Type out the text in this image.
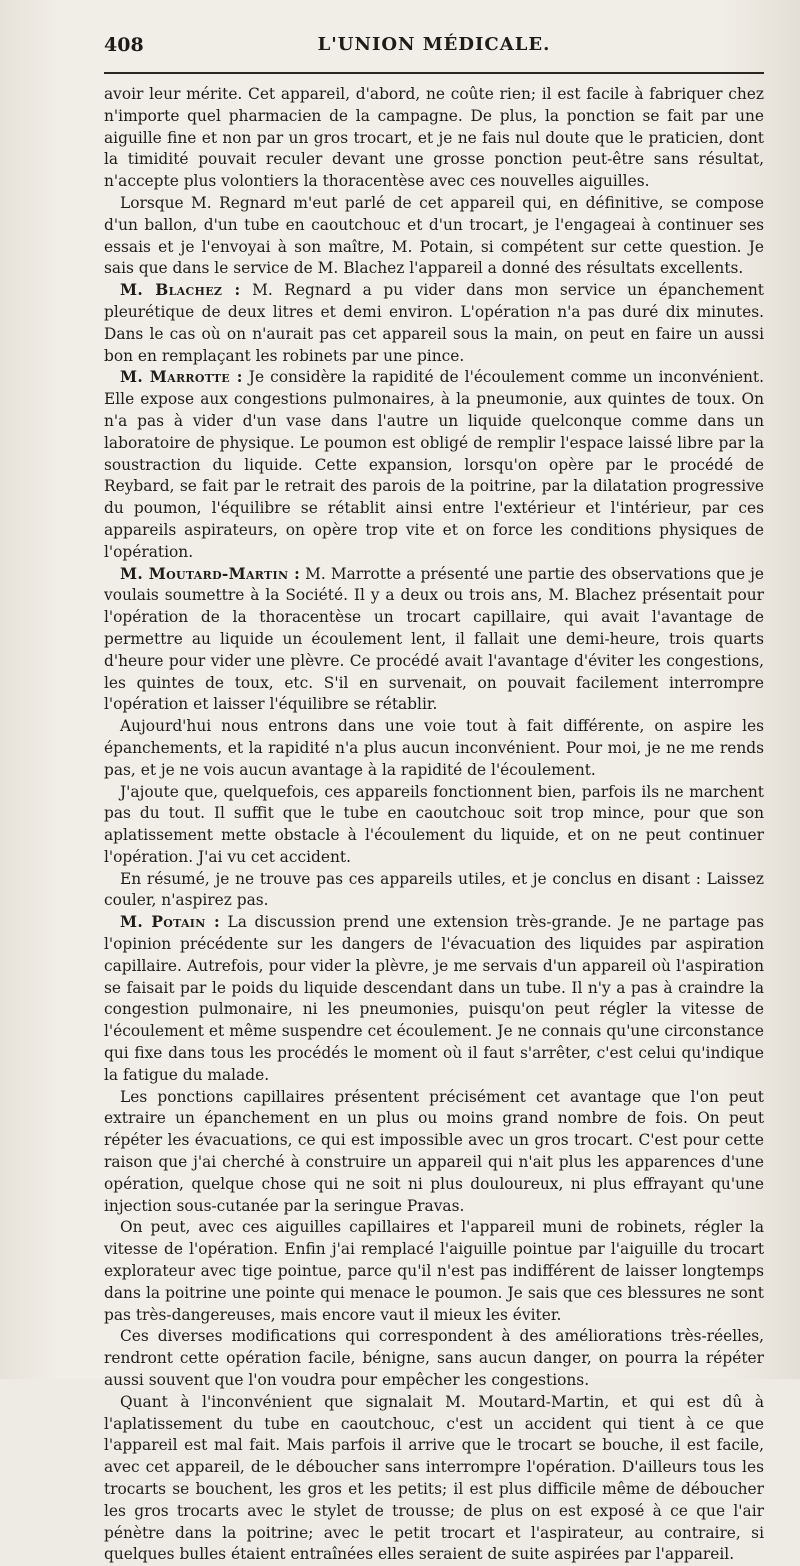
408	L'UNION MÉDICALE.

avoir leur mérite. Cet appareil, d'abord, ne coûte rien; il est facile à fabriquer chez n'importe quel pharmacien de la campagne. De plus, la ponction se fait par une aiguille fine et non par un gros trocart, et je ne fais nul doute que le praticien, dont la timidité pouvait reculer devant une grosse ponction peut-être sans résultat, n'accepte plus volontiers la thoracentèse avec ces nouvelles aiguilles.

Lorsque M. Regnard m'eut parlé de cet appareil qui, en définitive, se compose d'un ballon, d'un tube en caoutchouc et d'un trocart, je l'engageai à continuer ses essais et je l'envoyai à son maître, M. Potain, si compétent sur cette question. Je sais que dans le service de M. Blachez l'appareil a donné des résultats excellents.

M. Blachez : M. Regnard a pu vider dans mon service un épanchement pleurétique de deux litres et demi environ. L'opération n'a pas duré dix minutes. Dans le cas où on n'aurait pas cet appareil sous la main, on peut en faire un aussi bon en remplaçant les robinets par une pince.

M. Marrotte : Je considère la rapidité de l'écoulement comme un inconvénient. Elle expose aux congestions pulmonaires, à la pneumonie, aux quintes de toux. On n'a pas à vider d'un vase dans l'autre un liquide quelconque comme dans un laboratoire de physique. Le poumon est obligé de remplir l'espace laissé libre par la soustraction du liquide. Cette expansion, lorsqu'on opère par le procédé de Reybard, se fait par le retrait des parois de la poitrine, par la dilatation progressive du poumon, l'équilibre se rétablit ainsi entre l'extérieur et l'intérieur, par ces appareils aspirateurs, on opère trop vite et on force les conditions physiques de l'opération.

M. Moutard-Martin : M. Marrotte a présenté une partie des observations que je voulais soumettre à la Société. Il y a deux ou trois ans, M. Blachez présentait pour l'opération de la thoracentèse un trocart capillaire, qui avait l'avantage de permettre au liquide un écoulement lent, il fallait une demi-heure, trois quarts d'heure pour vider une plèvre. Ce procédé avait l'avantage d'éviter les congestions, les quintes de toux, etc. S'il en survenait, on pouvait facilement interrompre l'opération et laisser l'équilibre se rétablir.

Aujourd'hui nous entrons dans une voie tout à fait différente, on aspire les épanchements, et la rapidité n'a plus aucun inconvénient. Pour moi, je ne me rends pas, et je ne vois aucun avantage à la rapidité de l'écoulement.

J'ajoute que, quelquefois, ces appareils fonctionnent bien, parfois ils ne marchent pas du tout. Il suffit que le tube en caoutchouc soit trop mince, pour que son aplatissement mette obstacle à l'écoulement du liquide, et on ne peut continuer l'opération. J'ai vu cet accident.

En résumé, je ne trouve pas ces appareils utiles, et je conclus en disant : Laissez couler, n'aspirez pas.

M. Potain : La discussion prend une extension très-grande. Je ne partage pas l'opinion précédente sur les dangers de l'évacuation des liquides par aspiration capillaire. Autrefois, pour vider la plèvre, je me servais d'un appareil où l'aspiration se faisait par le poids du liquide descendant dans un tube. Il n'y a pas à craindre la congestion pulmonaire, ni les pneumonies, puisqu'on peut régler la vitesse de l'écoulement et même suspendre cet écoulement. Je ne connais qu'une circonstance qui fixe dans tous les procédés le moment où il faut s'arrêter, c'est celui qu'indique la fatigue du malade.

Les ponctions capillaires présentent précisément cet avantage que l'on peut extraire un épanchement en un plus ou moins grand nombre de fois. On peut répéter les évacuations, ce qui est impossible avec un gros trocart. C'est pour cette raison que j'ai cherché à construire un appareil qui n'ait plus les apparences d'une opération, quelque chose qui ne soit ni plus douloureux, ni plus effrayant qu'une injection sous-cutanée par la seringue Pravas.

On peut, avec ces aiguilles capillaires et l'appareil muni de robinets, régler la vitesse de l'opération. Enfin j'ai remplacé l'aiguille pointue par l'aiguille du trocart explorateur avec tige pointue, parce qu'il n'est pas indifférent de laisser longtemps dans la poitrine une pointe qui menace le poumon. Je sais que ces blessures ne sont pas très-dangereuses, mais encore vaut il mieux les éviter.

Ces diverses modifications qui correspondent à des améliorations très-réelles, rendront cette opération facile, bénigne, sans aucun danger, on pourra la répéter aussi souvent que l'on voudra pour empêcher les congestions.

Quant à l'inconvénient que signalait M. Moutard-Martin, et qui est dû à l'aplatissement du tube en caoutchouc, c'est un accident qui tient à ce que l'appareil est mal fait. Mais parfois il arrive que le trocart se bouche, il est facile, avec cet appareil, de le déboucher sans interrompre l'opération. D'ailleurs tous les trocarts se bouchent, les gros et les petits; il est plus difficile même de déboucher les gros trocarts avec le stylet de trousse; de plus on est exposé à ce que l'air pénètre dans la poitrine; avec le petit trocart et l'aspirateur, au contraire, si quelques bulles étaient entraînées elles seraient de suite aspirées par l'appareil.
